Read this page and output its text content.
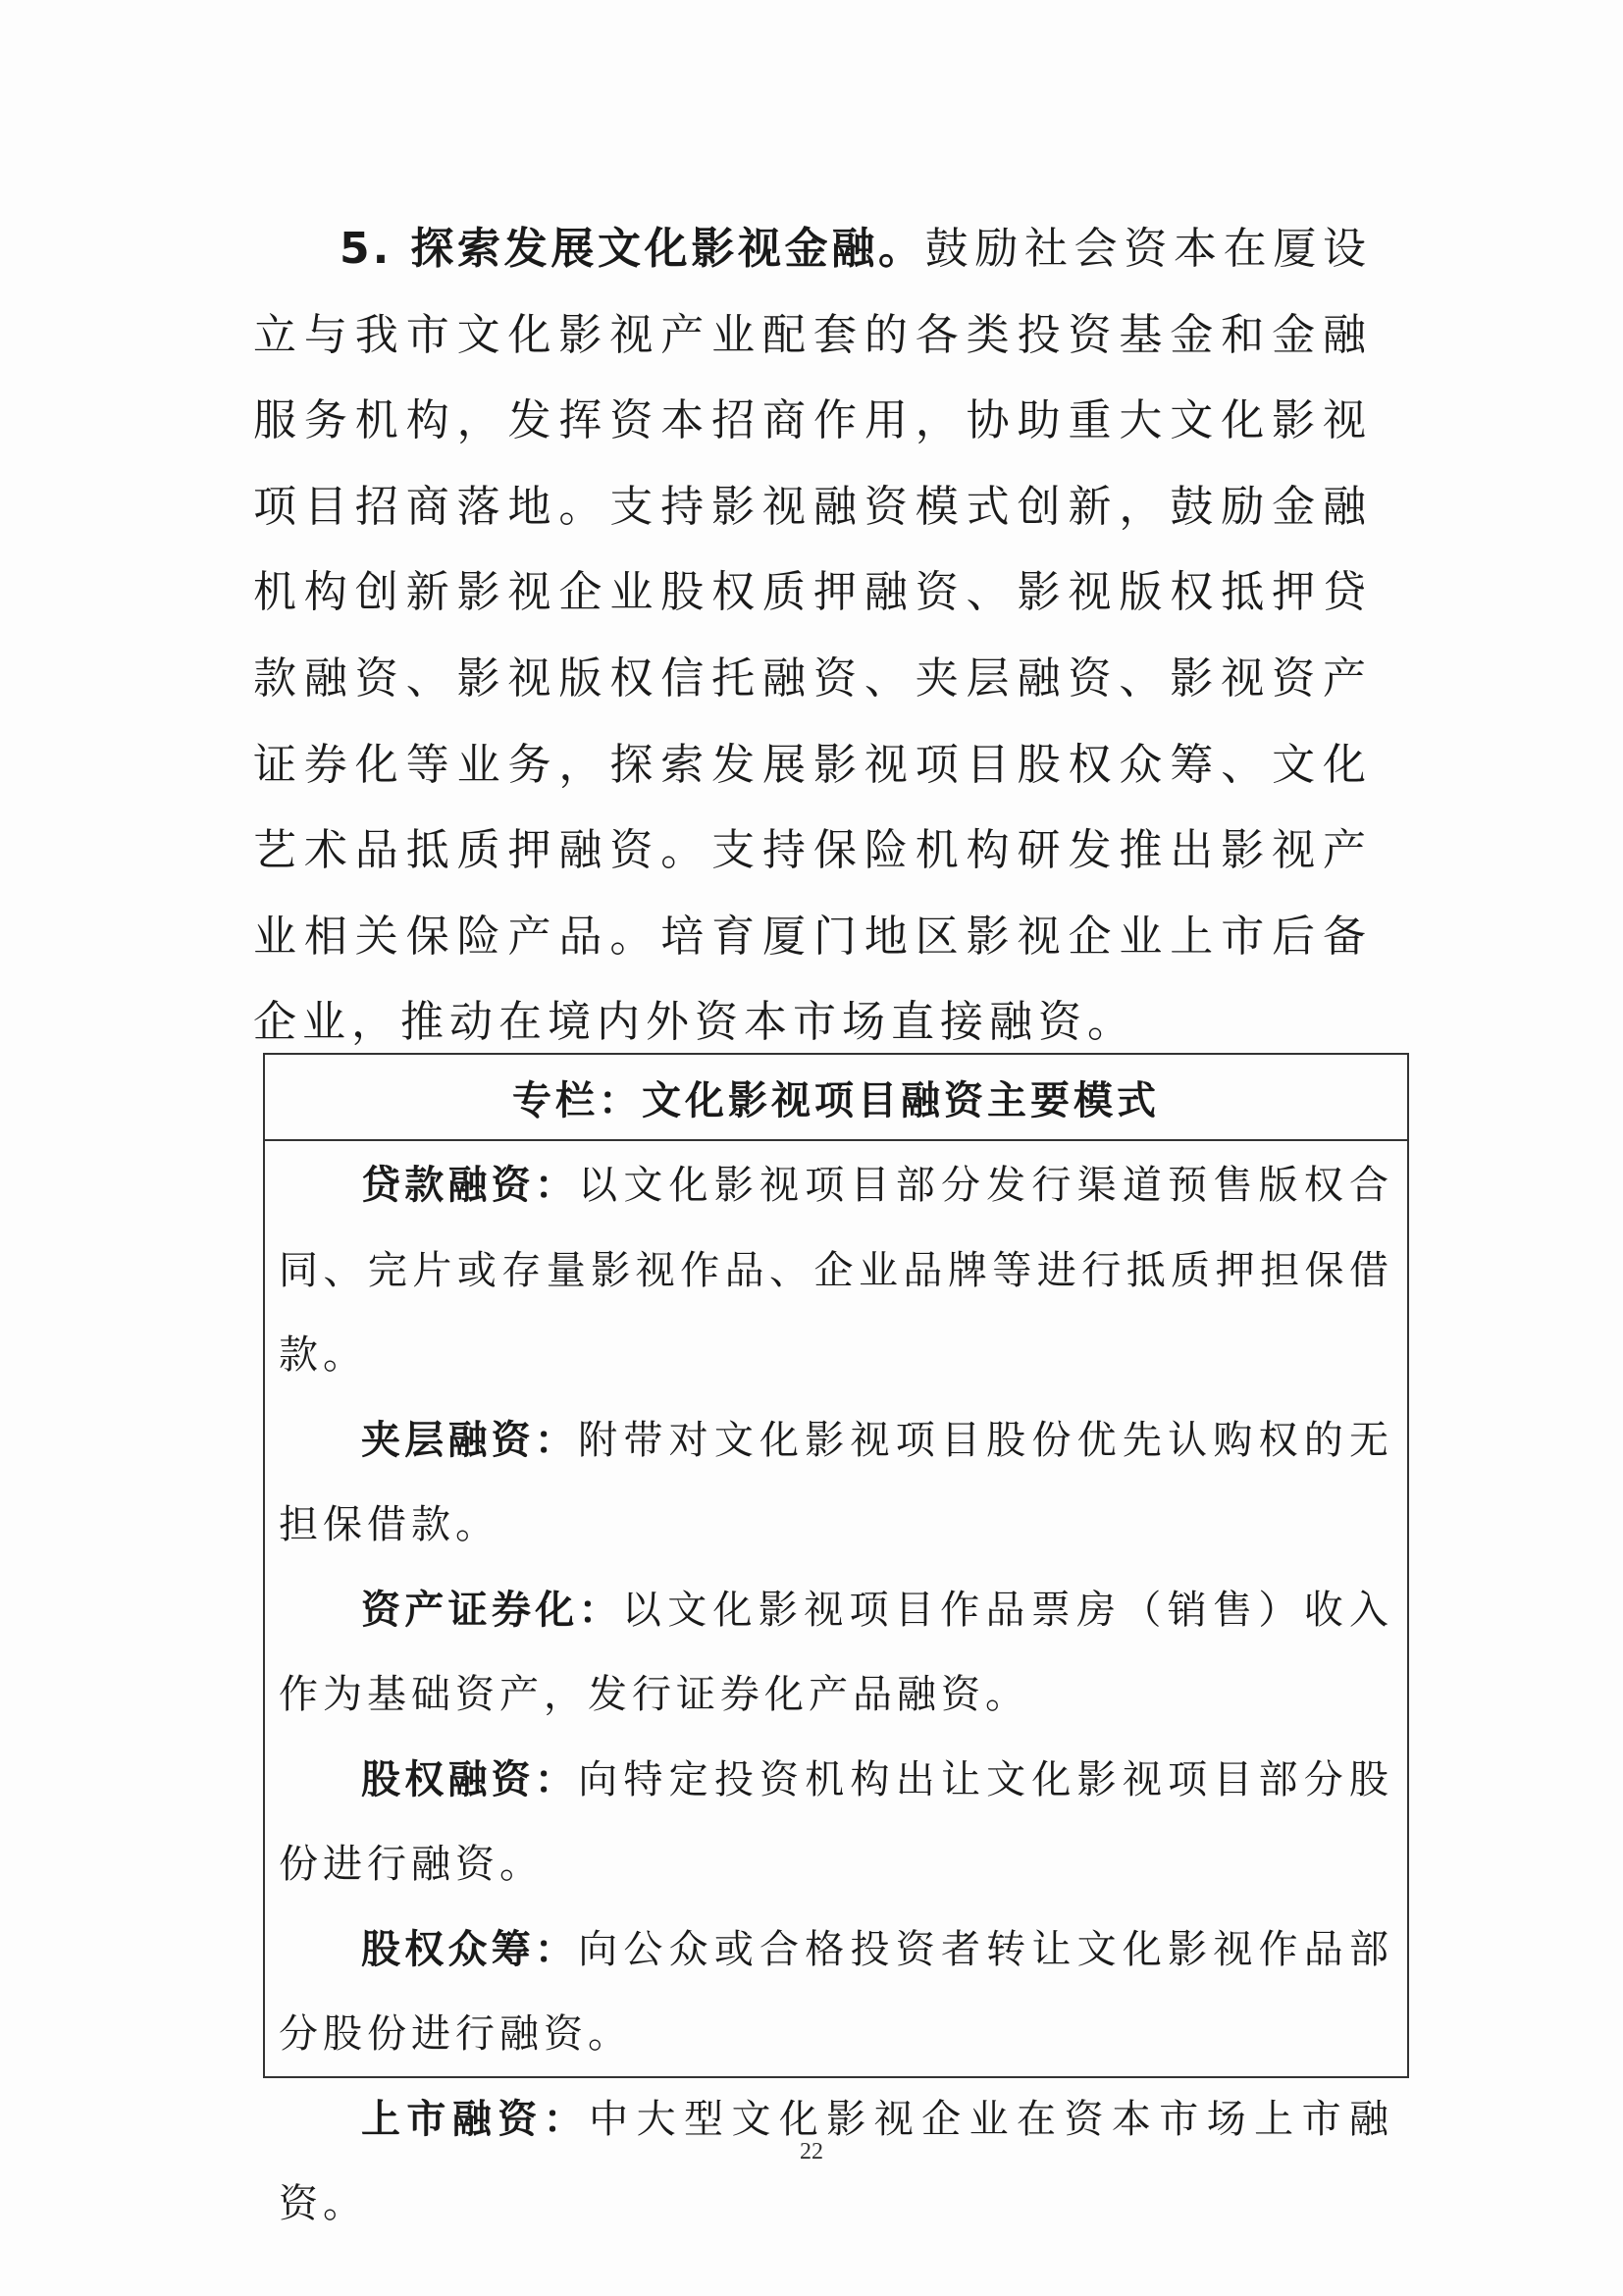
5. 探索发展文化影视金融。鼓励社会资本在厦设立与我市文化影视产业配套的各类投资基金和金融服务机构，发挥资本招商作用，协助重大文化影视项目招商落地。支持影视融资模式创新，鼓励金融机构创新影视企业股权质押融资、影视版权抵押贷款融资、影视版权信托融资、夹层融资、影视资产证券化等业务，探索发展影视项目股权众筹、文化艺术品抵质押融资。支持保险机构研发推出影视产业相关保险产品。培育厦门地区影视企业上市后备企业，推动在境内外资本市场直接融资。

专栏：文化影视项目融资主要模式

贷款融资：以文化影视项目部分发行渠道预售版权合同、完片或存量影视作品、企业品牌等进行抵质押担保借款。

夹层融资：附带对文化影视项目股份优先认购权的无担保借款。

资产证券化：以文化影视项目作品票房（销售）收入作为基础资产，发行证券化产品融资。

股权融资：向特定投资机构出让文化影视项目部分股份进行融资。

股权众筹：向公众或合格投资者转让文化影视作品部分股份进行融资。

上市融资：中大型文化影视企业在资本市场上市融资。

22
